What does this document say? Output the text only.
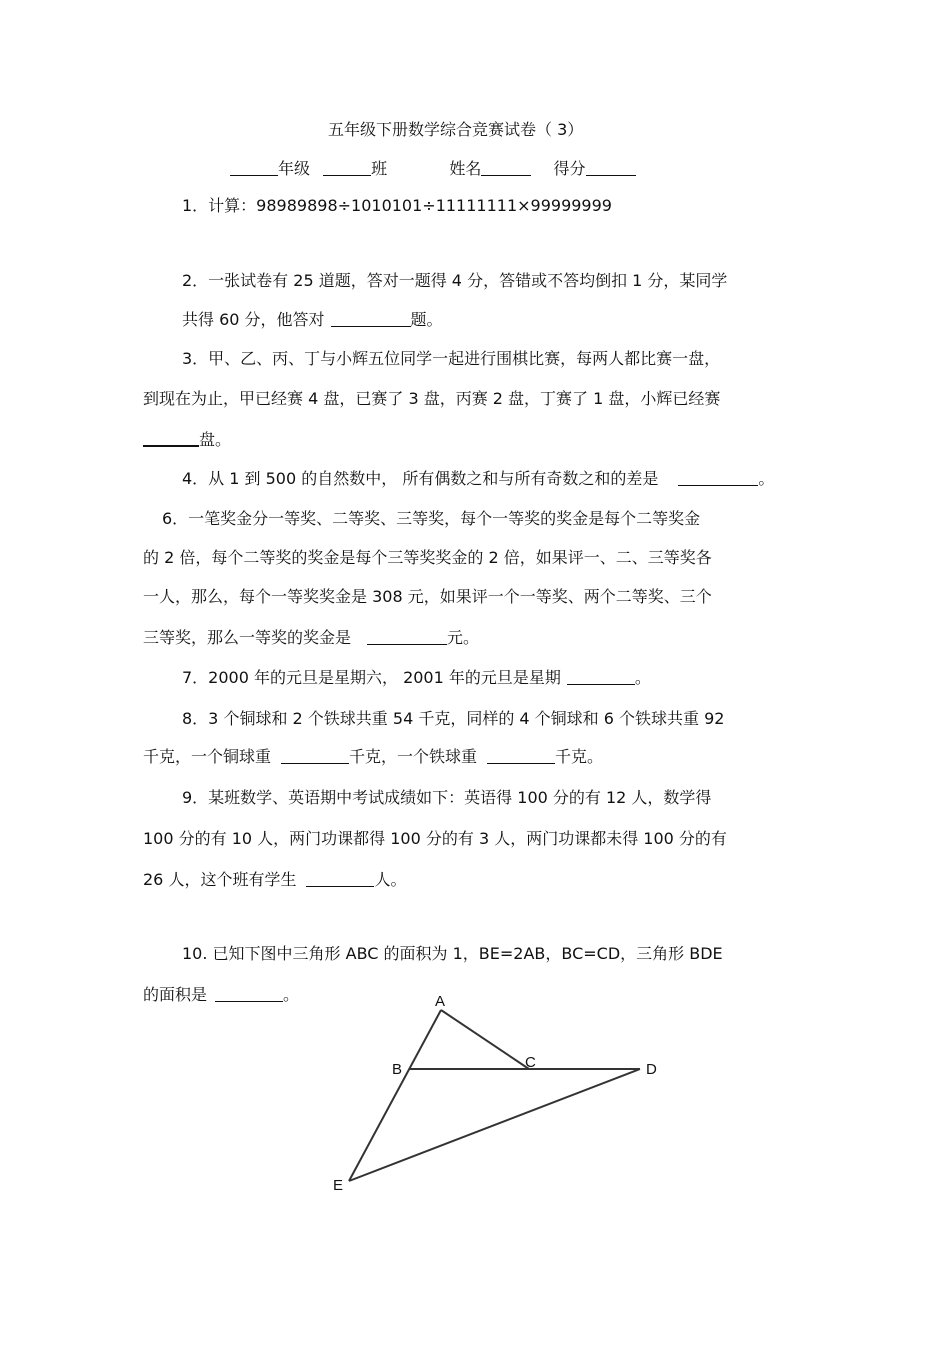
五年级下册数学综合竞赛试卷（ 3）
年级	班	姓名	得分
1．计算：98989898÷1010101÷11111111×99999999
2．一张试卷有 25 道题，答对一题得 4 分，答错或不答均倒扣 1 分，某同学
共得 60 分，他答对	题。
3．甲、乙、丙、丁与小辉五位同学一起进行围棋比赛，每两人都比赛一盘，
到现在为止，甲已经赛 4 盘，已赛了 3 盘，丙赛 2 盘，丁赛了 1 盘，小辉已经赛
盘。
4．从 1 到 500 的自然数中， 所有偶数之和与所有奇数之和的差是	。
6．一笔奖金分一等奖、二等奖、三等奖，每个一等奖的奖金是每个二等奖金
的 2 倍，每个二等奖的奖金是每个三等奖奖金的 2 倍，如果评一、二、三等奖各
一人，那么，每个一等奖奖金是 308 元，如果评一个一等奖、两个二等奖、三个
三等奖，那么一等奖的奖金是	元。
7．2000 年的元旦是星期六， 2001 年的元旦是星期	。
8．3 个铜球和 2 个铁球共重 54 千克，同样的 4 个铜球和 6 个铁球共重 92
千克，一个铜球重	千克，一个铁球重	千克。
9．某班数学、英语期中考试成绩如下：英语得 100 分的有 12 人，数学得
100 分的有 10 人，两门功课都得 100 分的有 3 人，两门功课都未得 100 分的有
26 人，这个班有学生	人。
10. 已知下图中三角形 ABC 的面积为 1，BE=2AB，BC=CD，三角形 BDE
的面积是	。	A
B	C	D
E
